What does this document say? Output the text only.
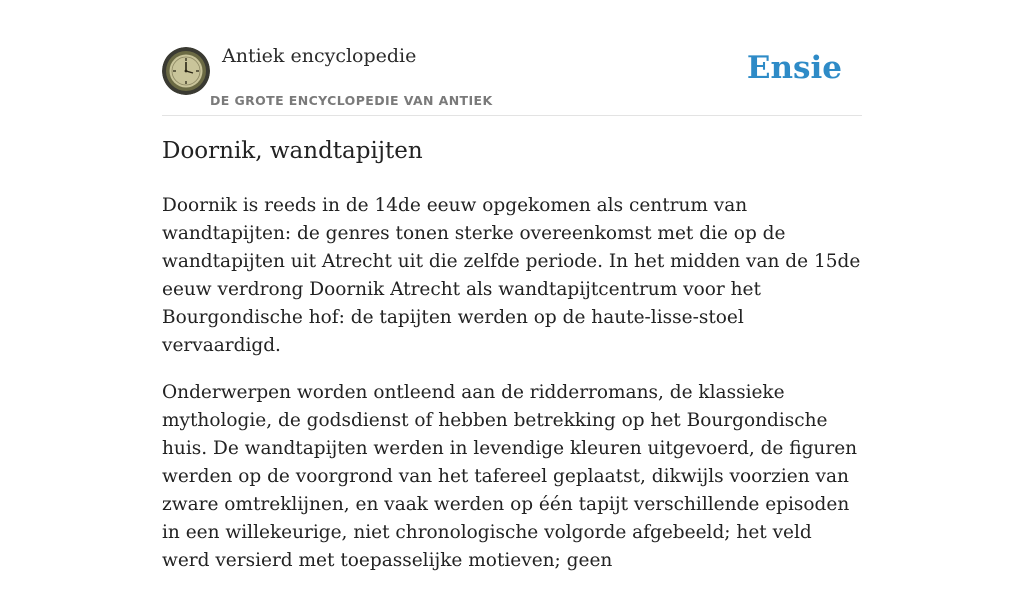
Antiek encyclopedie
DE GROTE ENCYCLOPEDIE VAN ANTIEK
Ensie
Doornik, wandtapijten

Doornik is reeds in de 14de eeuw opgekomen als centrum van wandtapijten: de genres tonen sterke overeenkomst met die op de wandtapijten uit Atrecht uit die zelfde periode. In het midden van de 15de eeuw verdrong Doornik Atrecht als wandtapijtcentrum voor het Bourgondische hof: de tapijten werden op de haute-lisse-stoel vervaardigd.

Onderwerpen worden ontleend aan de ridderromans, de klassieke mythologie, de godsdienst of hebben betrekking op het Bourgondische huis. De wandtapijten werden in levendige kleuren uitgevoerd, de figuren werden op de voorgrond van het tafereel geplaatst, dikwijls voorzien van zware omtreklijnen, en vaak werden op één tapijt verschillende episoden in een willekeurige, niet chronologische volgorde afgebeeld; het veld werd versierd met toepasselijke motieven; geen
